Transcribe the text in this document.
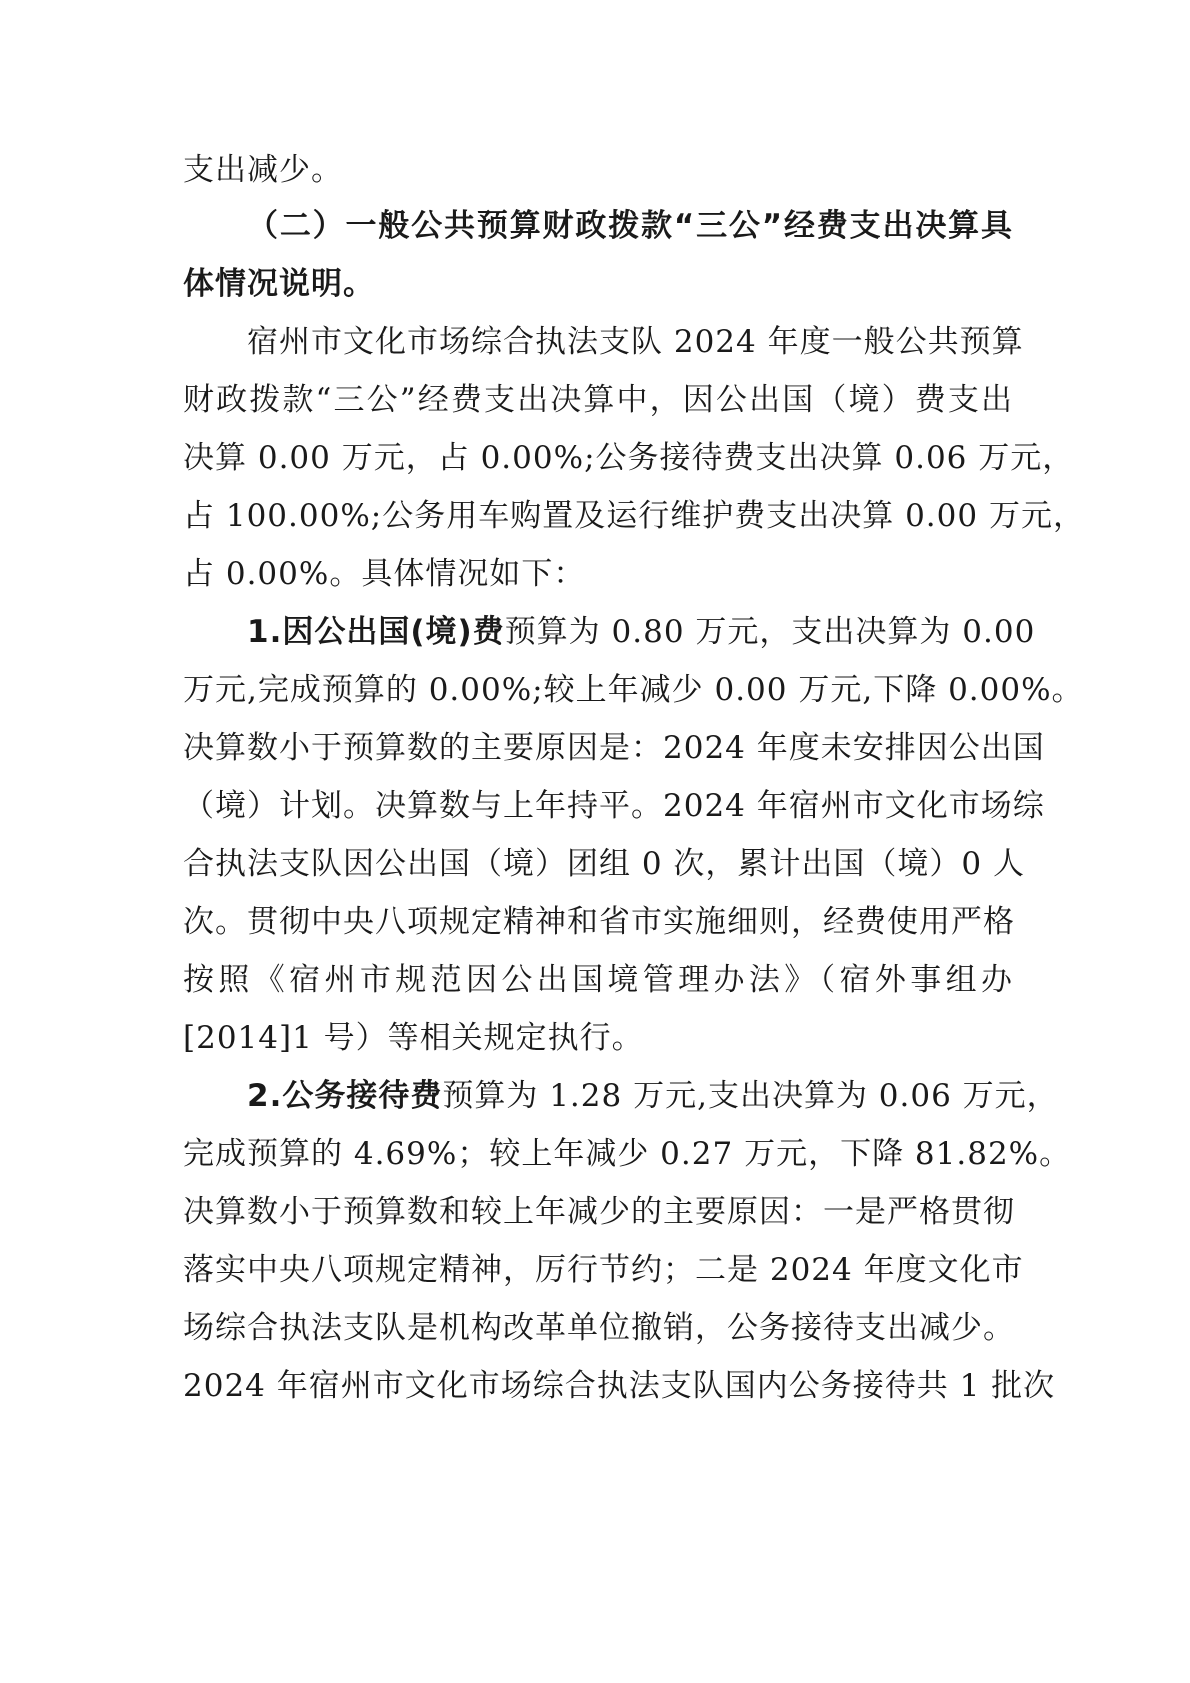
支出减少。
（二）一般公共预算财政拨款“三公”经费支出决算具
体情况说明。
宿州市文化市场综合执法支队 2024 年度一般公共预算
财政拨款“三公”经费支出决算中，因公出国（境）费支出
决算 0.00 万元，占 0.00%;公务接待费支出决算 0.06 万元，
占 100.00%;公务用车购置及运行维护费支出决算 0.00 万元，
占 0.00%。具体情况如下：
1.因公出国(境)费预算为 0.80 万元，支出决算为 0.00
万元,完成预算的 0.00%;较上年减少 0.00 万元,下降 0.00%。
决算数小于预算数的主要原因是：2024 年度未安排因公出国
（境）计划。决算数与上年持平。2024 年宿州市文化市场综
合执法支队因公出国（境）团组 0 次，累计出国（境）0 人
次。贯彻中央八项规定精神和省市实施细则，经费使用严格
按照《宿州市规范因公出国境管理办法》（宿外事组办
[2014]1 号）等相关规定执行。
2.公务接待费预算为 1.28 万元,支出决算为 0.06 万元，
完成预算的 4.69%；较上年减少 0.27 万元，下降 81.82%。
决算数小于预算数和较上年减少的主要原因：一是严格贯彻
落实中央八项规定精神，厉行节约；二是 2024 年度文化市
场综合执法支队是机构改革单位撤销，公务接待支出减少。
2024 年宿州市文化市场综合执法支队国内公务接待共 1 批次
